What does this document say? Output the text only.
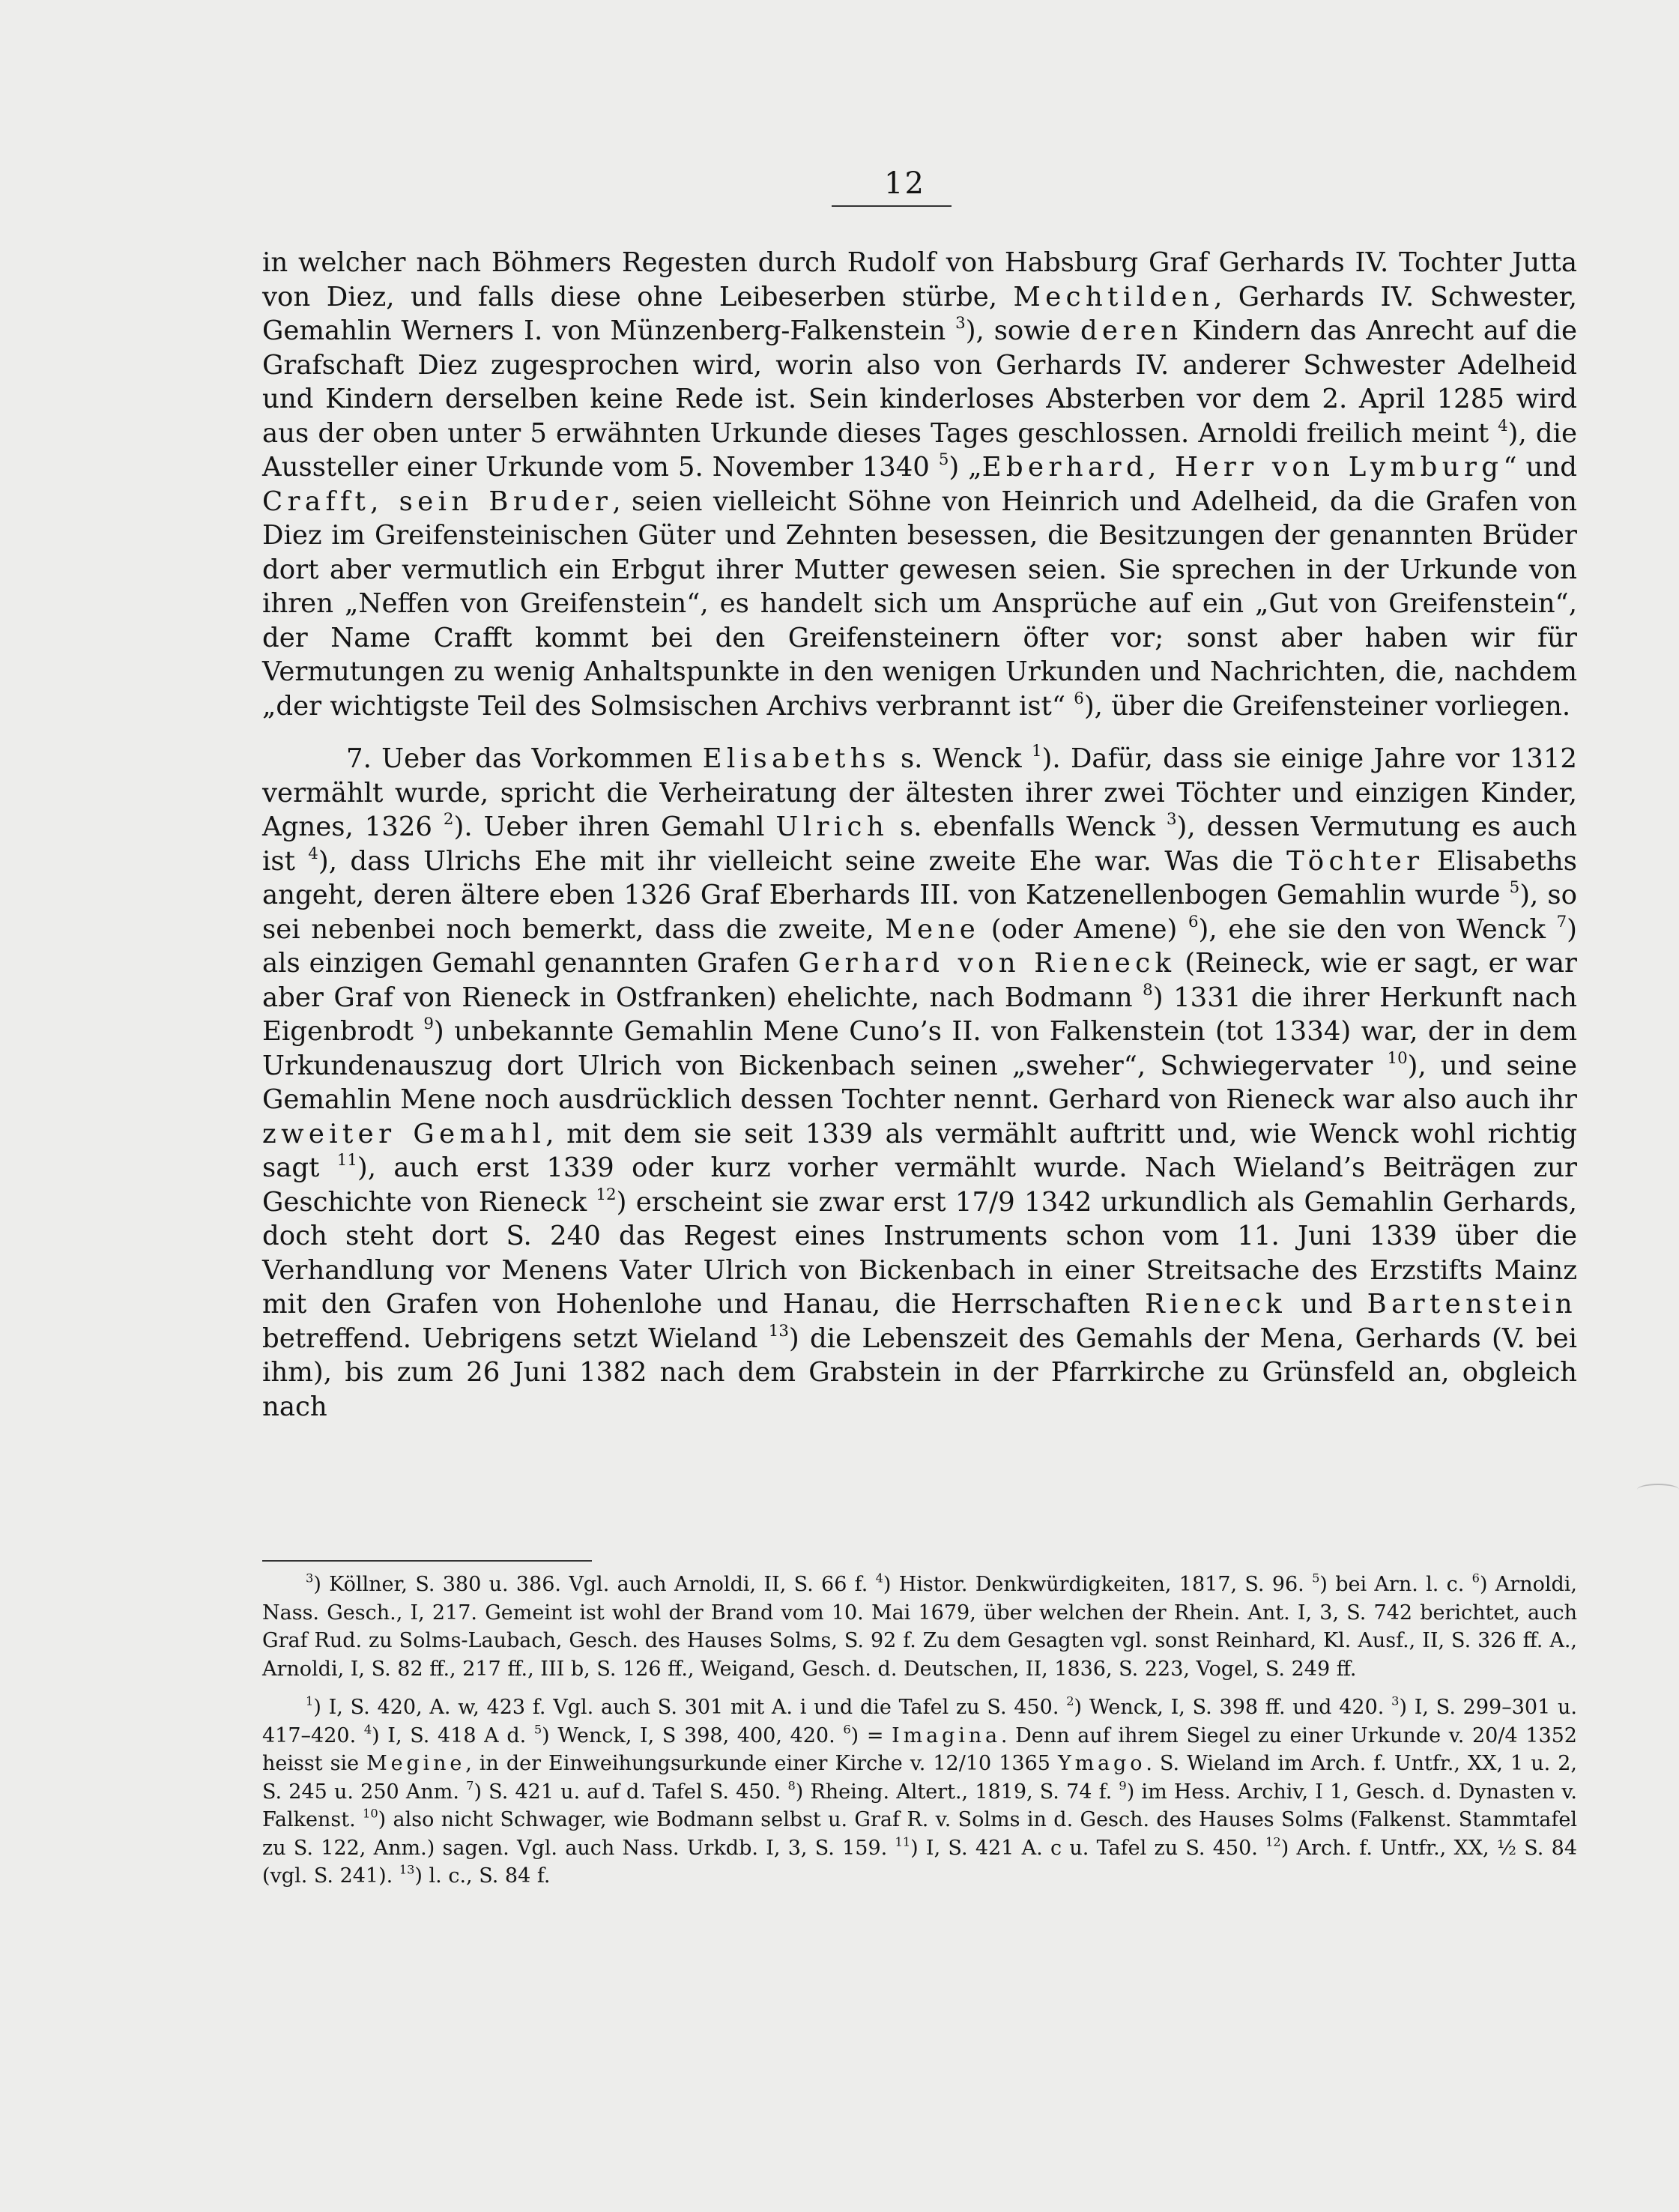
12

in welcher nach Böhmers Regesten durch Rudolf von Habsburg Graf Gerhards IV. Tochter Jutta von Diez, und falls diese ohne Leibeserben stürbe, Mechtilden, Gerhards IV. Schwester, Gemahlin Werners I. von Münzenberg-Falkenstein $^3$), sowie deren Kindern das Anrecht auf die Grafschaft Diez zugesprochen wird, worin also von Gerhards IV. anderer Schwester Adelheid und Kindern derselben keine Rede ist. Sein kinderloses Absterben vor dem 2. April 1285 wird aus der oben unter 5 erwähnten Urkunde dieses Tages geschlossen. Arnoldi freilich meint $^4$), die Aussteller einer Urkunde vom 5. November 1340 $^5$) „Eberhard, Herr von Lymburg“ und Crafft, sein Bruder, seien vielleicht Söhne von Heinrich und Adelheid, da die Grafen von Diez im Greifensteinischen Güter und Zehnten besessen, die Besitzungen der genannten Brüder dort aber vermutlich ein Erbgut ihrer Mutter gewesen seien. Sie sprechen in der Urkunde von ihren „Neffen von Greifenstein“, es handelt sich um Ansprüche auf ein „Gut von Greifenstein“, der Name Crafft kommt bei den Greifensteinern öfter vor; sonst aber haben wir für Vermutungen zu wenig Anhaltspunkte in den wenigen Urkunden und Nachrichten, die, nachdem „der wichtigste Teil des Solmsischen Archivs verbrannt ist“ $^6$), über die Greifensteiner vorliegen.

7. Ueber das Vorkommen Elisabeths s. Wenck $^1$). Dafür, dass sie einige Jahre vor 1312 vermählt wurde, spricht die Verheiratung der ältesten ihrer zwei Töchter und einzigen Kinder, Agnes, 1326 $^2$). Ueber ihren Gemahl Ulrich s. ebenfalls Wenck $^3$), dessen Vermutung es auch ist $^4$), dass Ulrichs Ehe mit ihr vielleicht seine zweite Ehe war. Was die Töchter Elisabeths angeht, deren ältere eben 1326 Graf Eberhards III. von Katzenellenbogen Gemahlin wurde $^5$), so sei nebenbei noch bemerkt, dass die zweite, Mene (oder Amene) $^6$), ehe sie den von Wenck $^7$) als einzigen Gemahl genannten Grafen Gerhard von Rieneck (Reineck, wie er sagt, er war aber Graf von Rieneck in Ostfranken) ehelichte, nach Bodmann $^8$) 1331 die ihrer Herkunft nach Eigenbrodt $^9$) unbekannte Gemahlin Mene Cuno’s II. von Falkenstein (tot 1334) war, der in dem Urkundenauszug dort Ulrich von Bickenbach seinen „sweher“, Schwiegervater $^{10}$), und seine Gemahlin Mene noch ausdrücklich dessen Tochter nennt. Gerhard von Rieneck war also auch ihr zweiter Gemahl, mit dem sie seit 1339 als vermählt auftritt und, wie Wenck wohl richtig sagt $^{11}$), auch erst 1339 oder kurz vorher vermählt wurde. Nach Wieland’s Beiträgen zur Geschichte von Rieneck $^{12}$) erscheint sie zwar erst 17/9 1342 urkundlich als Gemahlin Gerhards, doch steht dort S. 240 das Regest eines Instruments schon vom 11. Juni 1339 über die Verhandlung vor Menens Vater Ulrich von Bickenbach in einer Streitsache des Erzstifts Mainz mit den Grafen von Hohenlohe und Hanau, die Herrschaften Rieneck und Bartenstein betreffend. Uebrigens setzt Wieland $^{13}$) die Lebenszeit des Gemahls der Mena, Gerhards (V. bei ihm), bis zum 26 Juni 1382 nach dem Grabstein in der Pfarrkirche zu Grünsfeld an, obgleich nach

$^3$) Köllner, S. 380 u. 386. Vgl. auch Arnoldi, II, S. 66 f. $^4$) Histor. Denkwürdigkeiten, 1817, S. 96. $^5$) bei Arn. l. c. $^6$) Arnoldi, Nass. Gesch., I, 217. Gemeint ist wohl der Brand vom 10. Mai 1679, über welchen der Rhein. Ant. I, 3, S. 742 berichtet, auch Graf Rud. zu Solms-Laubach, Gesch. des Hauses Solms, S. 92 f. Zu dem Gesagten vgl. sonst Reinhard, Kl. Ausf., II, S. 326 ff. A., Arnoldi, I, S. 82 ff., 217 ff., III b, S. 126 ff., Weigand, Gesch. d. Deutschen, II, 1836, S. 223, Vogel, S. 249 ff.

$^1$) I, S. 420, A. w, 423 f. Vgl. auch S. 301 mit A. i und die Tafel zu S. 450. $^2$) Wenck, I, S. 398 ff. und 420. $^3$) I, S. 299–301 u. 417–420. $^4$) I, S. 418 A d. $^5$) Wenck, I, S 398, 400, 420. $^6$) = Imagina. Denn auf ihrem Siegel zu einer Urkunde v. 20/4 1352 heisst sie Megine, in der Einweihungsurkunde einer Kirche v. 12/10 1365 Ymago. S. Wieland im Arch. f. Untfr., XX, 1 u. 2, S. 245 u. 250 Anm. $^7$) S. 421 u. auf d. Tafel S. 450. $^8$) Rheing. Altert., 1819, S. 74 f. $^9$) im Hess. Archiv, I 1, Gesch. d. Dynasten v. Falkenst. $^{10}$) also nicht Schwager, wie Bodmann selbst u. Graf R. v. Solms in d. Gesch. des Hauses Solms (Falkenst. Stammtafel zu S. 122, Anm.) sagen. Vgl. auch Nass. Urkdb. I, 3, S. 159. $^{11}$) I, S. 421 A. c u. Tafel zu S. 450. $^{12}$) Arch. f. Untfr., XX, ½ S. 84 (vgl. S. 241). $^{13}$) l. c., S. 84 f.
